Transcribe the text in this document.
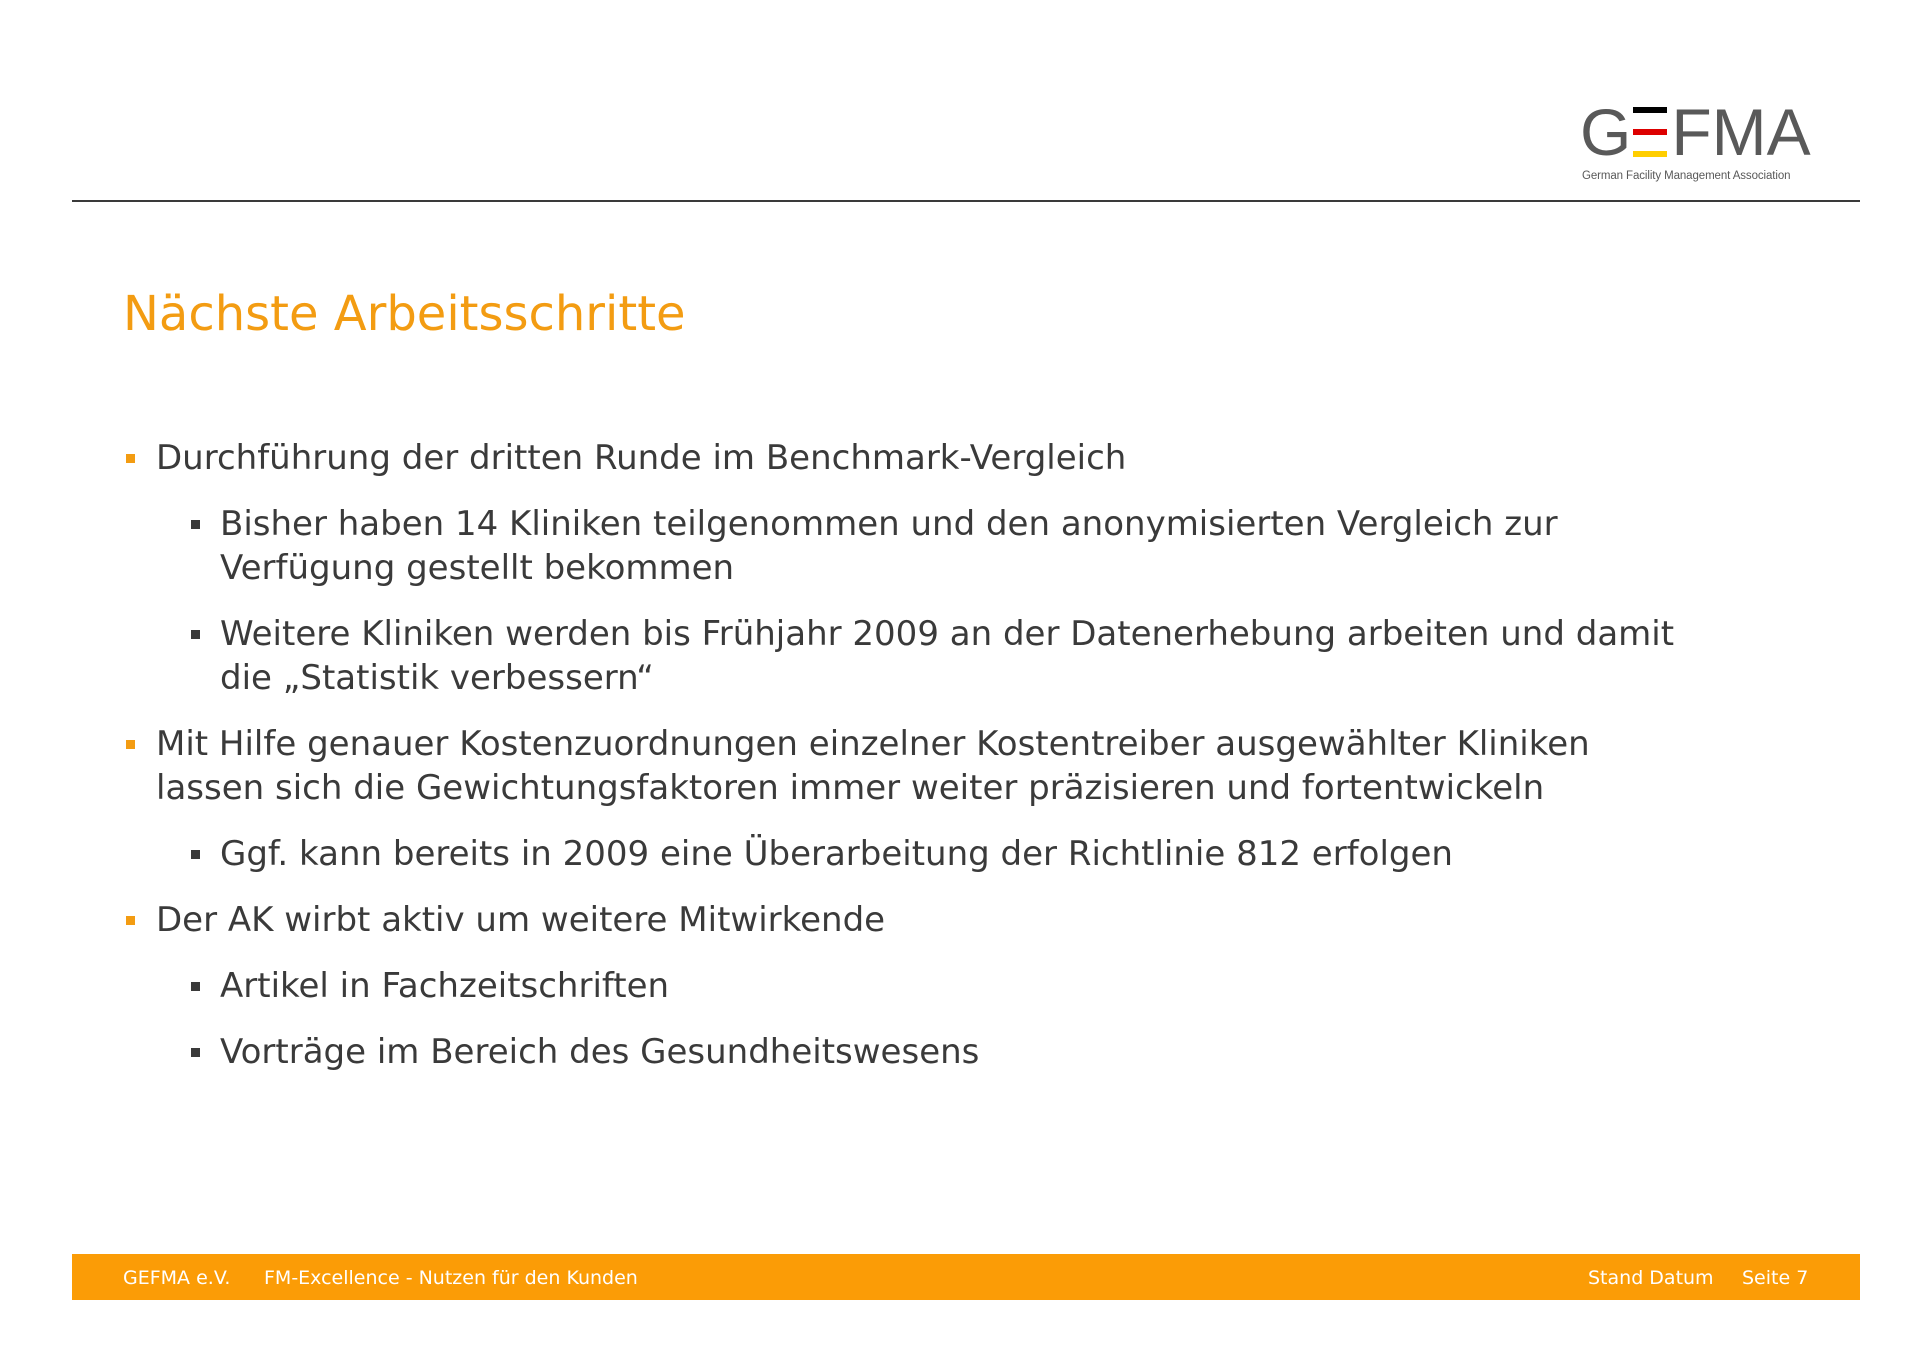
G FMA
German Facility Management Association
Nächste Arbeitsschritte
Durchführung der dritten Runde im Benchmark-Vergleich
Bisher haben 14 Kliniken teilgenommen und den anonymisierten Vergleich zur
Verfügung gestellt bekommen
Weitere Kliniken werden bis Frühjahr 2009 an der Datenerhebung arbeiten und damit
die „Statistik verbessern“
Mit Hilfe genauer Kostenzuordnungen einzelner Kostentreiber ausgewählter Kliniken
lassen sich die Gewichtungsfaktoren immer weiter präzisieren und fortentwickeln
Ggf. kann bereits in 2009 eine Überarbeitung der Richtlinie 812 erfolgen
Der AK wirbt aktiv um weitere Mitwirkende
Artikel in Fachzeitschriften
Vorträge im Bereich des Gesundheitswesens
GEFMA e.V. FM-Excellence - Nutzen für den Kunden	Stand Datum Seite 7
